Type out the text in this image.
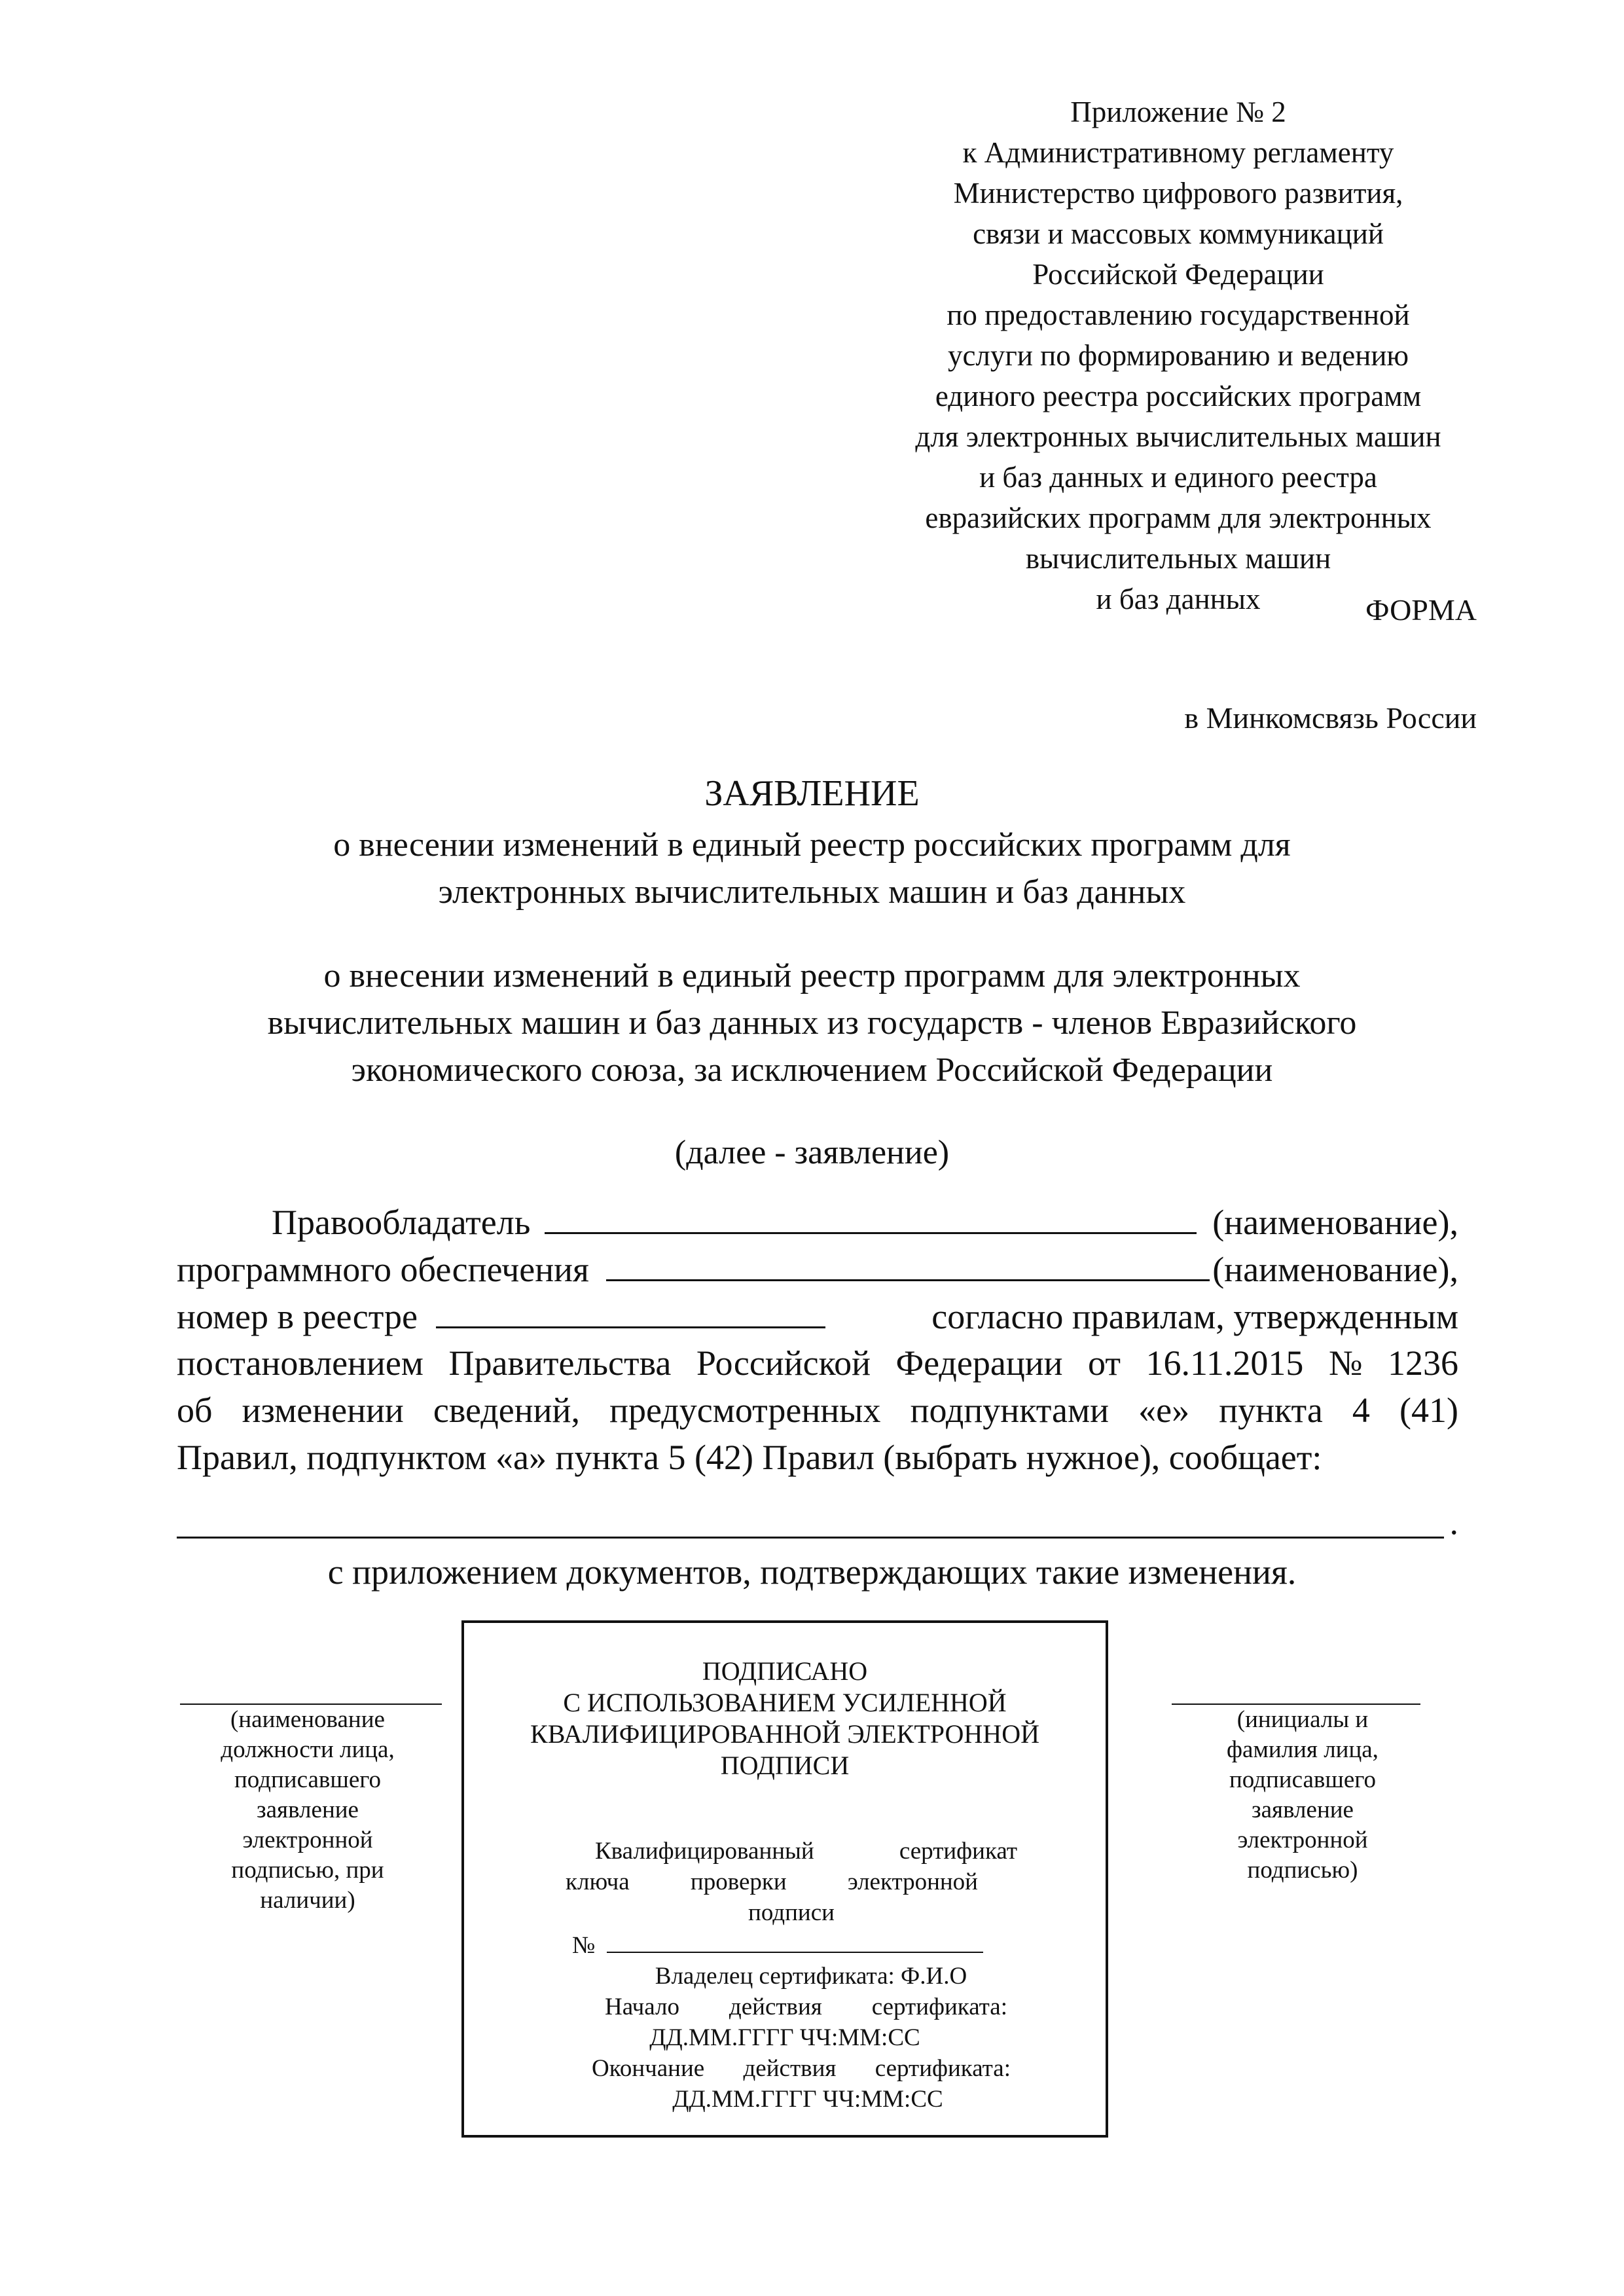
Приложение № 2
к Административному регламенту
Министерство цифрового развития,
связи и массовых коммуникаций
Российской Федерации
по предоставлению государственной
услуги по формированию и ведению
единого реестра российских программ
для электронных вычислительных машин
и баз данных и единого реестра
евразийских программ для электронных
вычислительных машин
и баз данных	ФОРМА
в Минкомсвязь России
ЗАЯВЛЕНИЕ
о внесении изменений в единый реестр российских программ для
электронных вычислительных машин и баз данных
о внесении изменений в единый реестр программ для электронных
вычислительных машин и баз данных из государств - членов Евразийского
экономического союза, за исключением Российской Федерации
(далее - заявление)
Правообладатель	(наименование),
программного обеспечения	(наименование),
номер в реестре	согласно правилам, утвержденным
постановлением Правительства Российской Федерации от 16.11.2015 № 1236
об изменении сведений, предусмотренных подпунктами «е» пункта 4 (41)
Правил, подпунктом «а» пункта 5 (42) Правил (выбрать нужное), сообщает:
.
с приложением документов, подтверждающих такие изменения.
ПОДПИСАНО
С ИСПОЛЬЗОВАНИЕМ УСИЛЕННОЙ
КВАЛИФИЦИРОВАННОЙ ЭЛЕКТРОННОЙ
ПОДПИСИ
Квалифицированный	сертификат
ключа	проверки	электронной
подписи
№
Владелец сертификата: Ф.И.О
Начало действия сертификата:
ДД.ММ.ГГГГ ЧЧ:ММ:СС
Окончание действия сертификата:
ДД.ММ.ГГГГ ЧЧ:ММ:СС
(наименование
должности лица,
подписавшего
заявление
электронной
подписью, при
наличии)
(инициалы и
фамилия лица,
подписавшего
заявление
электронной
подписью)
